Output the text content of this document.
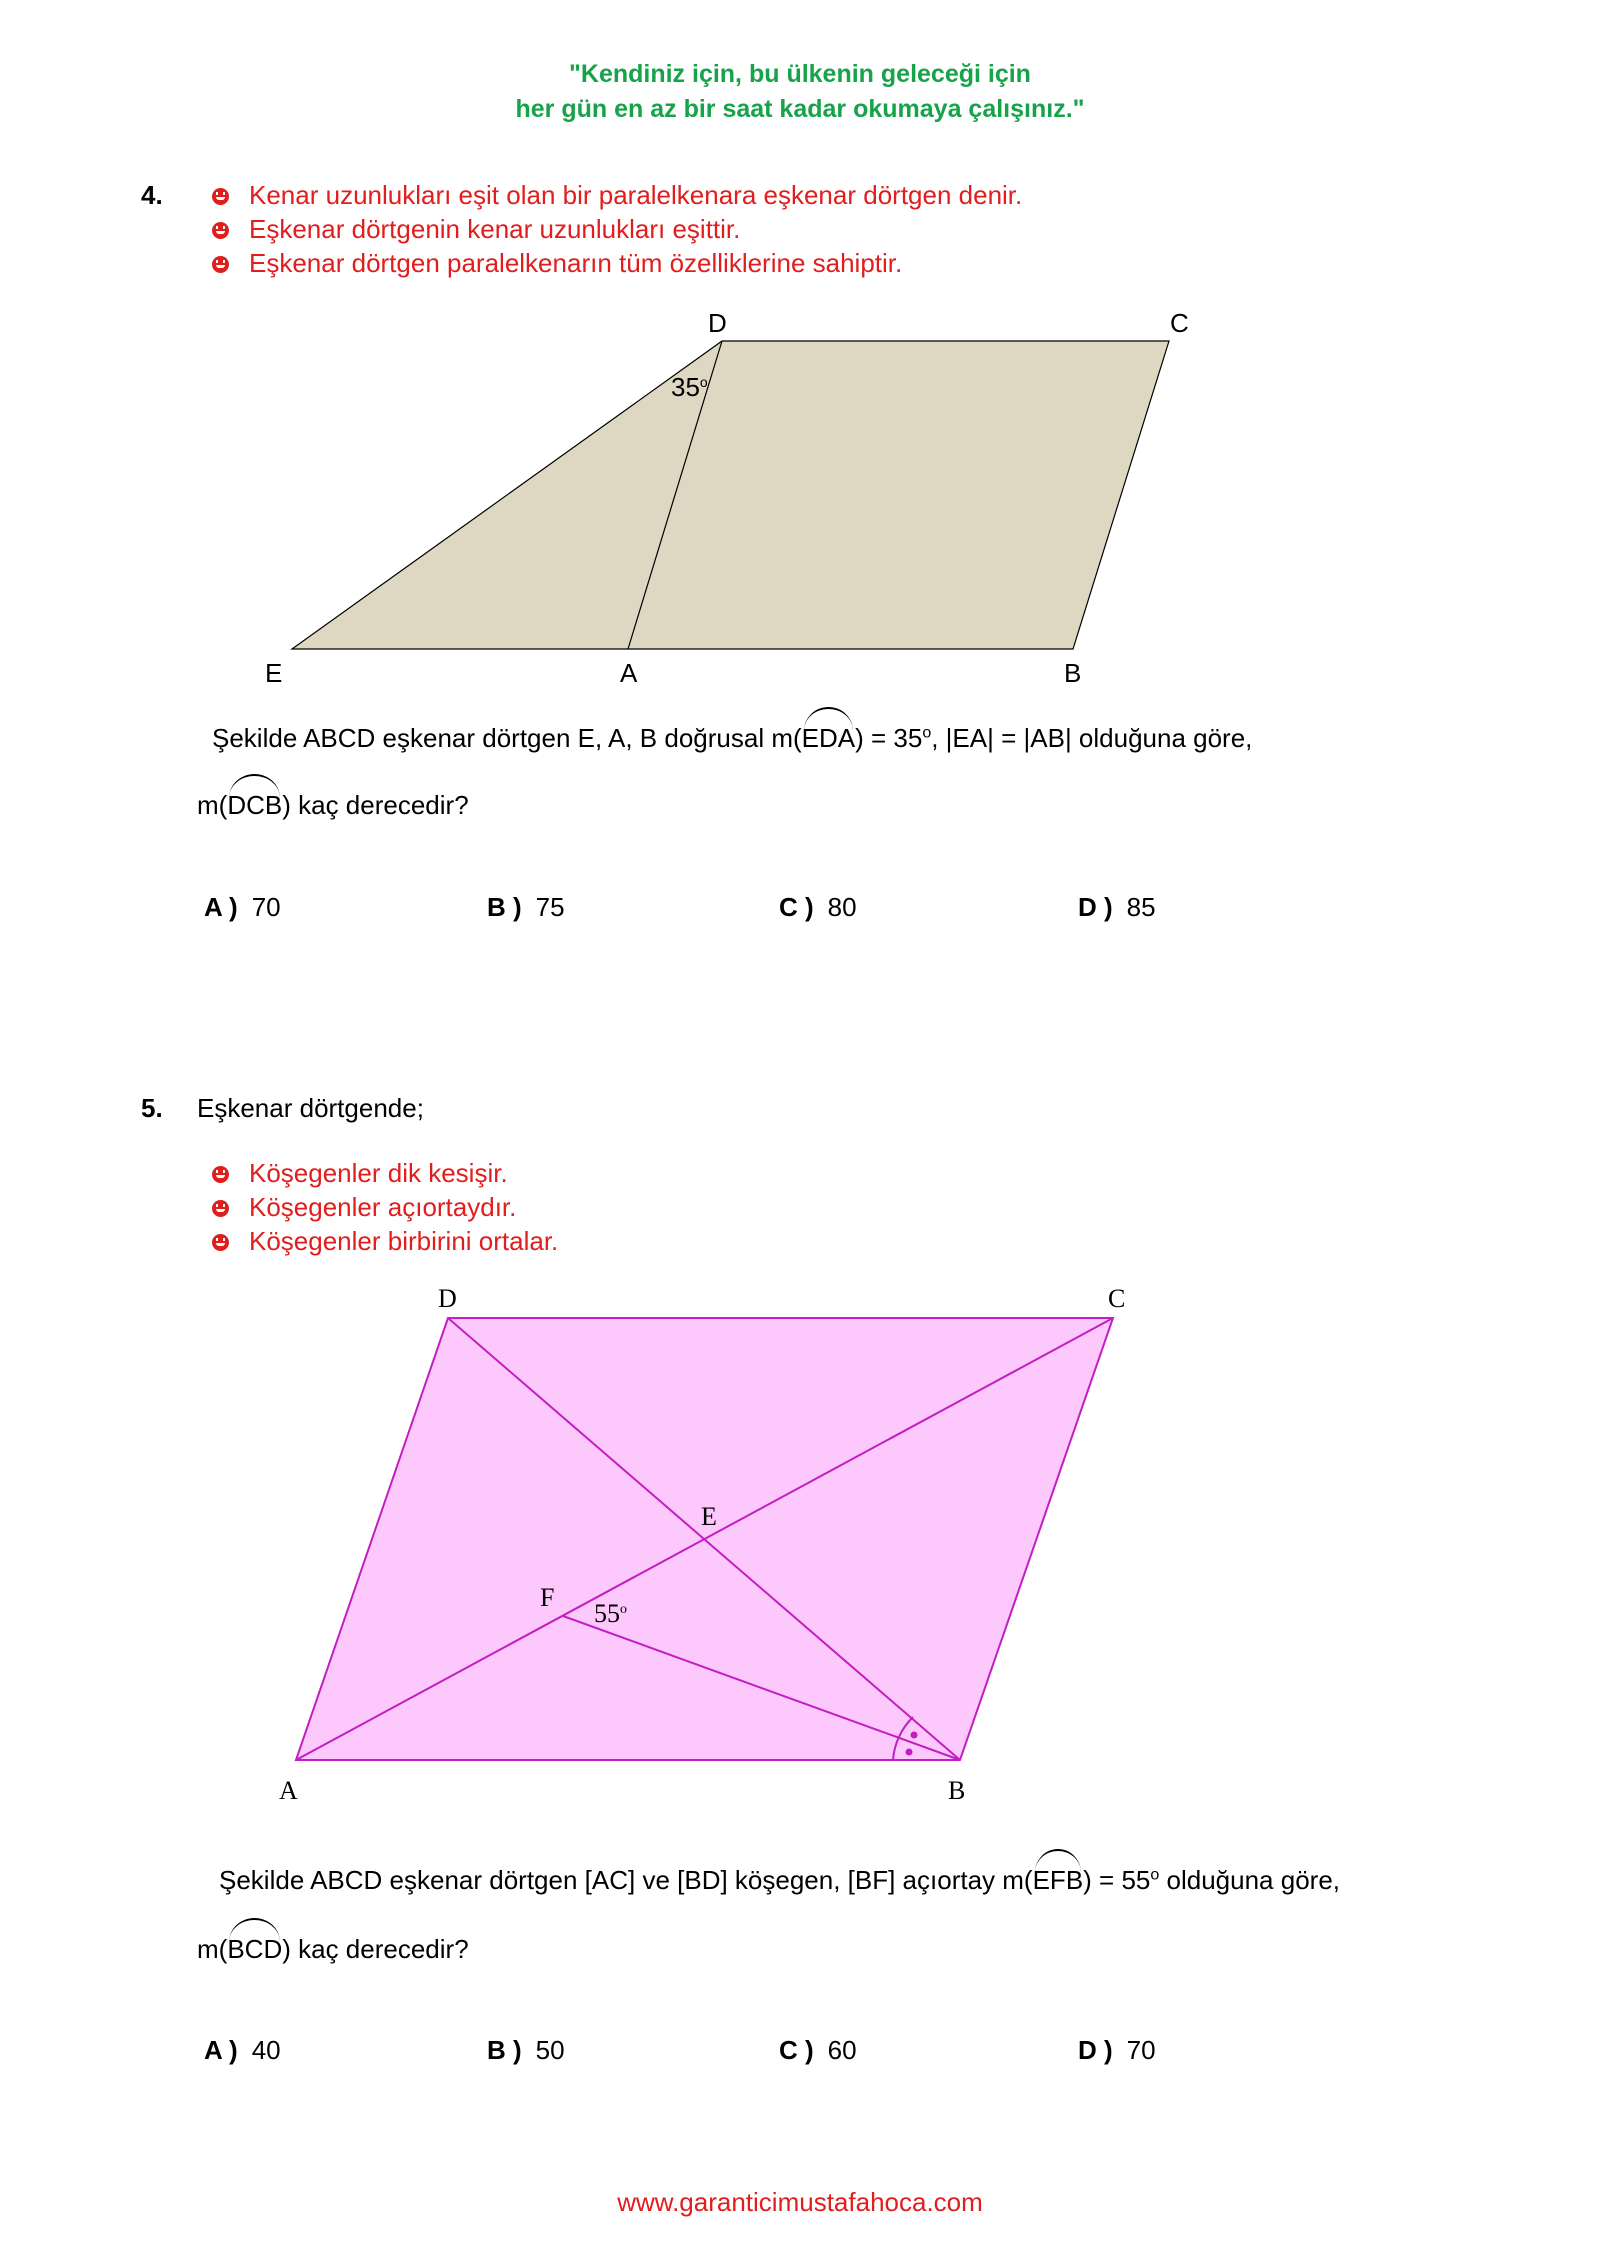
"Kendiniz için, bu ülkenin geleceği için
her gün en az bir saat kadar okumaya çalışınız."
4.	Kenar uzunlukları eşit olan bir paralelkenara eşkenar dörtgen denir.
Eşkenar dörtgenin kenar uzunlukları eşittir.
Eşkenar dörtgen paralelkenarın tüm özelliklerine sahiptir.
D	C
E	A	B
35$^o$
Şekilde ABCD eşkenar dörtgen E, A, B doğrusal $m(EDA) = 35^o$, |EA| = |AB| olduğuna göre,
m(DCB) kaç derecedir?
A ) 70	B ) 75	C ) 80	D ) 85
5. Eşkenar dörtgende;
Köşegenler dik kesişir.
Köşegenler açıortaydır.
Köşegenler birbirini ortalar.
D	C
E
F
A	B
55$^o$
Şekilde ABCD eşkenar dörtgen [AC] ve [BD] köşegen, [BF] açıortay $m(EFB) = 55^o$ olduğuna göre,
m(BCD) kaç derecedir?
A ) 40	B ) 50	C ) 60	D ) 70
www.garanticimustafahoca.com
